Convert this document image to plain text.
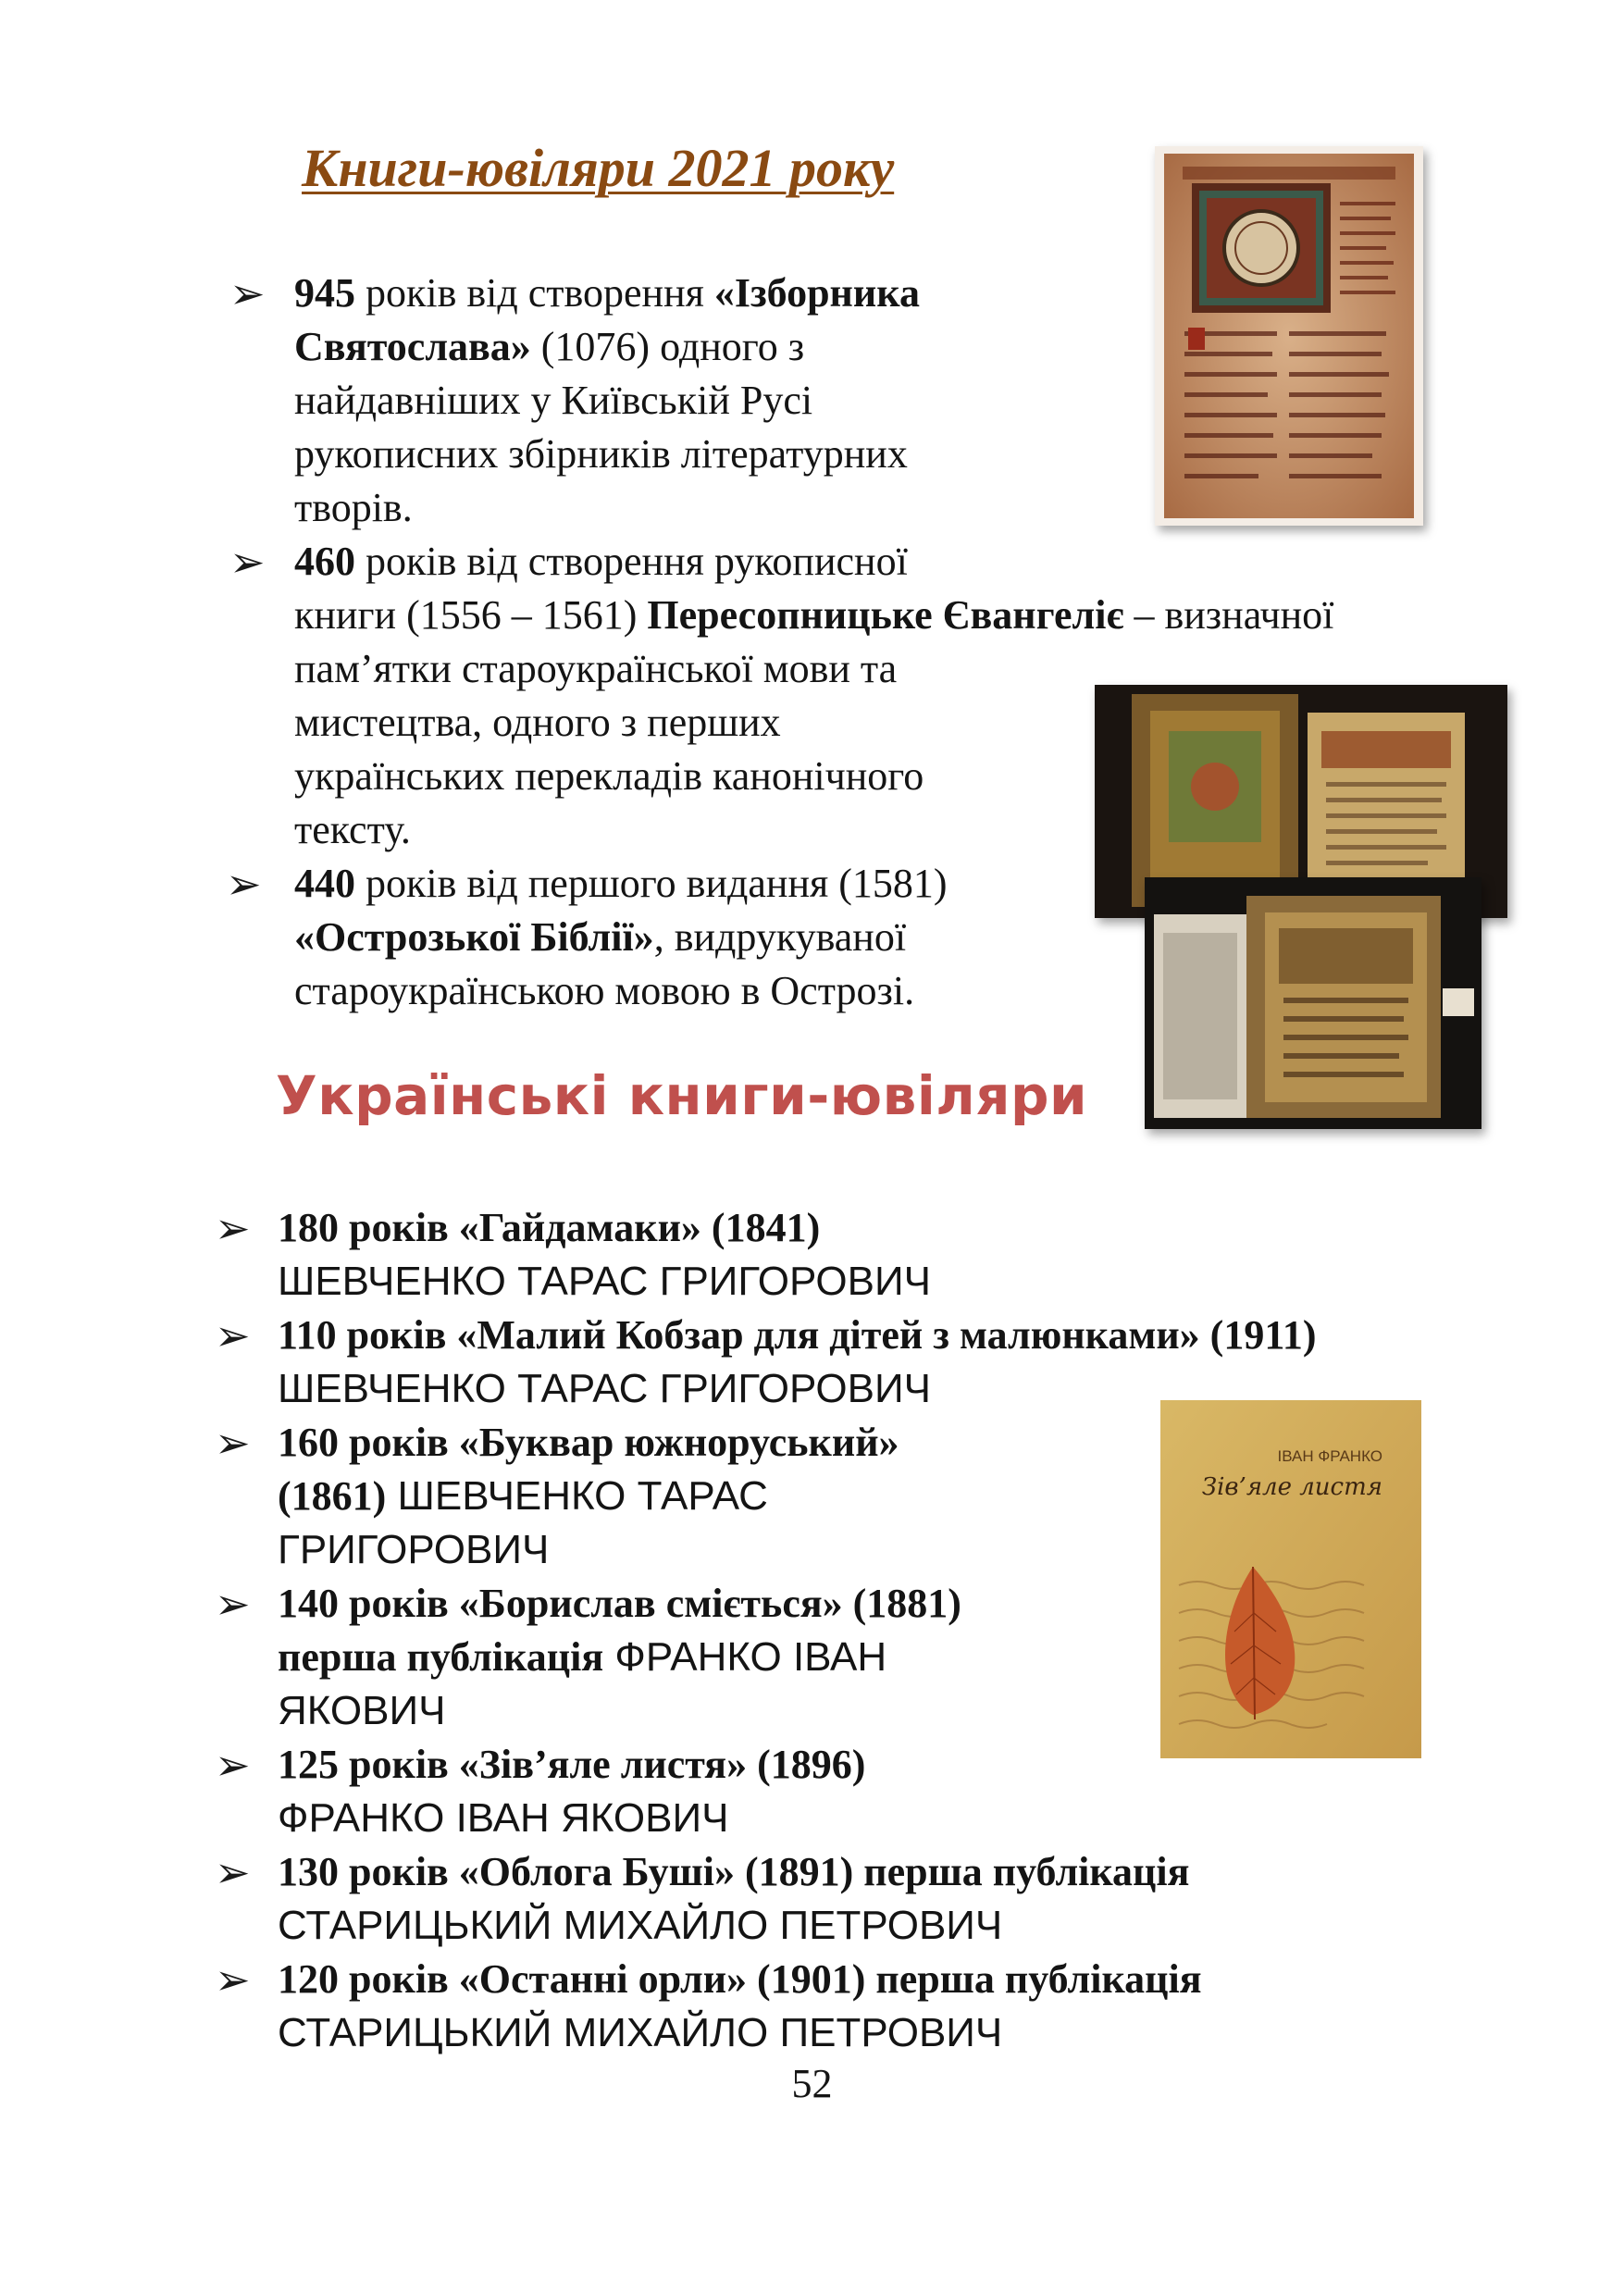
Книги-ювіляри 2021 року
➢ 945 років від створення «Ізборника
Святослава» (1076) одного з
найдавніших у Київській Русі
рукописних збірників літературних
творів.
➢ 460 років від створення рукописної
книги (1556 – 1561) Пересопницьке Євангеліє – визначної
пам’ятки староукраїнської мови та
мистецтва, одного з перших
українських перекладів канонічного
тексту.
➢ 440 років від першого видання (1581)
«Острозької Біблії», видрукуваної
староукраїнською мовою в Острозі.
Українські книги-ювіляри
➢ 180 років «Гайдамаки» (1841)
ШЕВЧЕНКО ТАРАС ГРИГОРОВИЧ
➢ 110 років «Малий Кобзар для дітей з малюнками» (1911)
ШЕВЧЕНКО ТАРАС ГРИГОРОВИЧ
➢ 160 років «Буквар южноруський»
(1861) ШЕВЧЕНКО ТАРАС
ГРИГОРОВИЧ
➢ 140 років «Борислав сміється» (1881)
перша публікація ФРАНКО ІВАН
ЯКОВИЧ
➢ 125 років «Зів’яле листя» (1896)
ФРАНКО ІВАН ЯКОВИЧ
➢ 130 років «Облога Буші» (1891) перша публікація
СТАРИЦЬКИЙ МИХАЙЛО ПЕТРОВИЧ
➢ 120 років «Останні орли» (1901) перша публікація
СТАРИЦЬКИЙ МИХАЙЛО ПЕТРОВИЧ
ІВАН ФРАНКО
Зів’яле листя
52
